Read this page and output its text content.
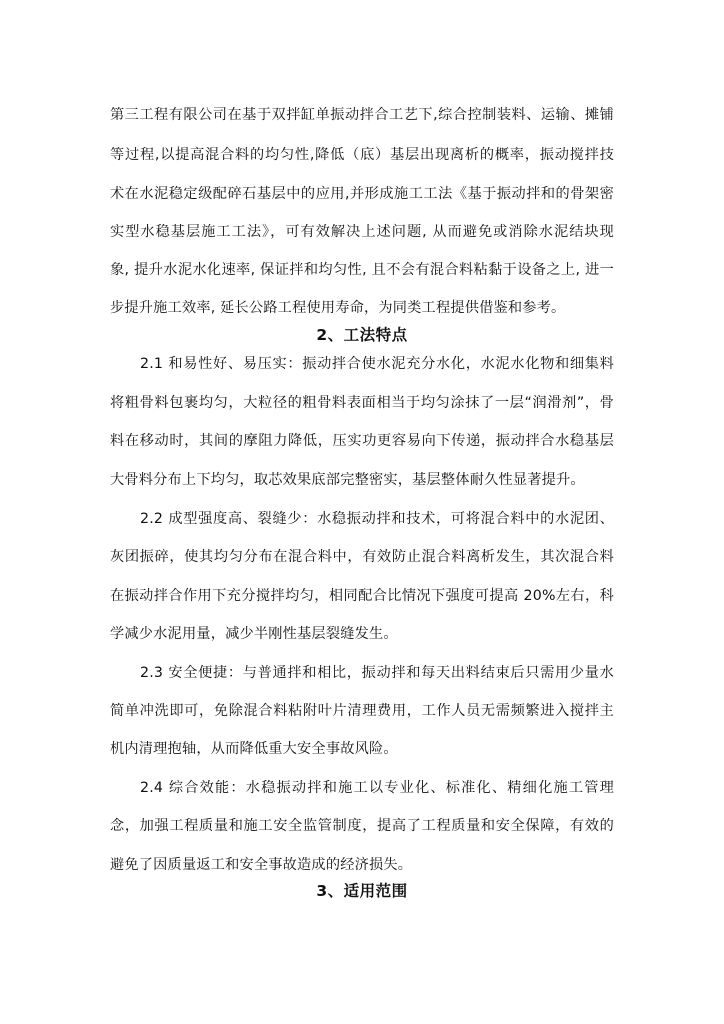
第三工程有限公司在基于双拌缸单振动拌合工艺下,综合控制装料、运输、摊铺
等过程,以提高混合料的均匀性,降低（底）基层出现离析的概率，振动搅拌技
术在水泥稳定级配碎石基层中的应用,并形成施工工法《基于振动拌和的骨架密
实型水稳基层施工工法》，可有效解决上述问题, 从而避免或消除水泥结块现
象, 提升水泥水化速率, 保证拌和均匀性, 且不会有混合料粘黏于设备之上, 进一
步提升施工效率, 延长公路工程使用寿命，为同类工程提供借鉴和参考。
2、工法特点
2.1 和易性好、易压实：振动拌合使水泥充分水化，水泥水化物和细集料
将粗骨料包裹均匀，大粒径的粗骨料表面相当于均匀涂抹了一层“润滑剂”，骨
料在移动时，其间的摩阻力降低，压实功更容易向下传递，振动拌合水稳基层
大骨料分布上下均匀，取芯效果底部完整密实，基层整体耐久性显著提升。
2.2 成型强度高、裂缝少：水稳振动拌和技术，可将混合料中的水泥团、
灰团振碎，使其均匀分布在混合料中，有效防止混合料离析发生，其次混合料
在振动拌合作用下充分搅拌均匀，相同配合比情况下强度可提高 20%左右，科
学减少水泥用量，减少半刚性基层裂缝发生。
2.3 安全便捷：与普通拌和相比，振动拌和每天出料结束后只需用少量水
简单冲洗即可，免除混合料粘附叶片清理费用，工作人员无需频繁进入搅拌主
机内清理抱轴，从而降低重大安全事故风险。
2.4 综合效能：水稳振动拌和施工以专业化、标准化、精细化施工管理
念，加强工程质量和施工安全监管制度，提高了工程质量和安全保障，有效的
避免了因质量返工和安全事故造成的经济损失。
3、适用范围
